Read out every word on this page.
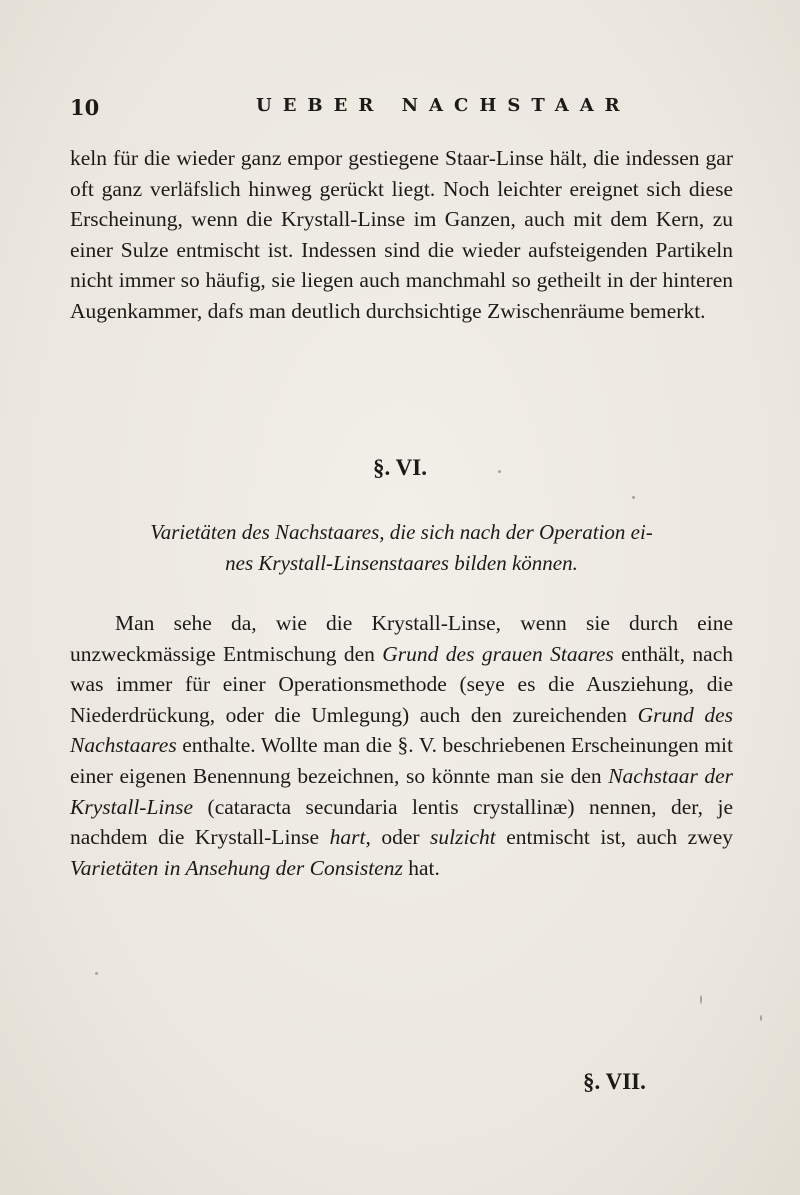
10	UEBER NACHSTAAR
keln für die wieder ganz empor gestiegene Staar-Linse hält, die indessen gar oft ganz verläfslich hinweg gerückt liegt. Noch leichter ereignet sich diese Erscheinung, wenn die Krystall-Linse im Ganzen, auch mit dem Kern, zu einer Sulze entmischt ist. Indessen sind die wieder aufsteigenden Partikeln nicht immer so häufig, sie liegen auch manchmahl so getheilt in der hinteren Augenkammer, dafs man deutlich durchsichtige Zwischenräume bemerkt.
§. VI.
Varietäten des Nachstaares, die sich nach der Operation ei-
nes Krystall-Linsenstaares bilden können.
Man sehe da, wie die Krystall-Linse, wenn sie durch eine unzweckmässige Entmischung den Grund des grauen Staares enthält, nach was immer für einer Operationsmethode (seye es die Ausziehung, die Niederdrückung, oder die Umlegung) auch den zureichenden Grund des Nachstaares enthalte. Wollte man die §. V. beschriebenen Erscheinungen mit einer eigenen Benennung bezeichnen, so könnte man sie den Nachstaar der Krystall-Linse (cataracta secundaria lentis crystallinæ) nennen, der, je nachdem die Krystall-Linse hart, oder sulzicht entmischt ist, auch zwey Varietäten in Ansehung der Consistenz hat.
§. VII.
